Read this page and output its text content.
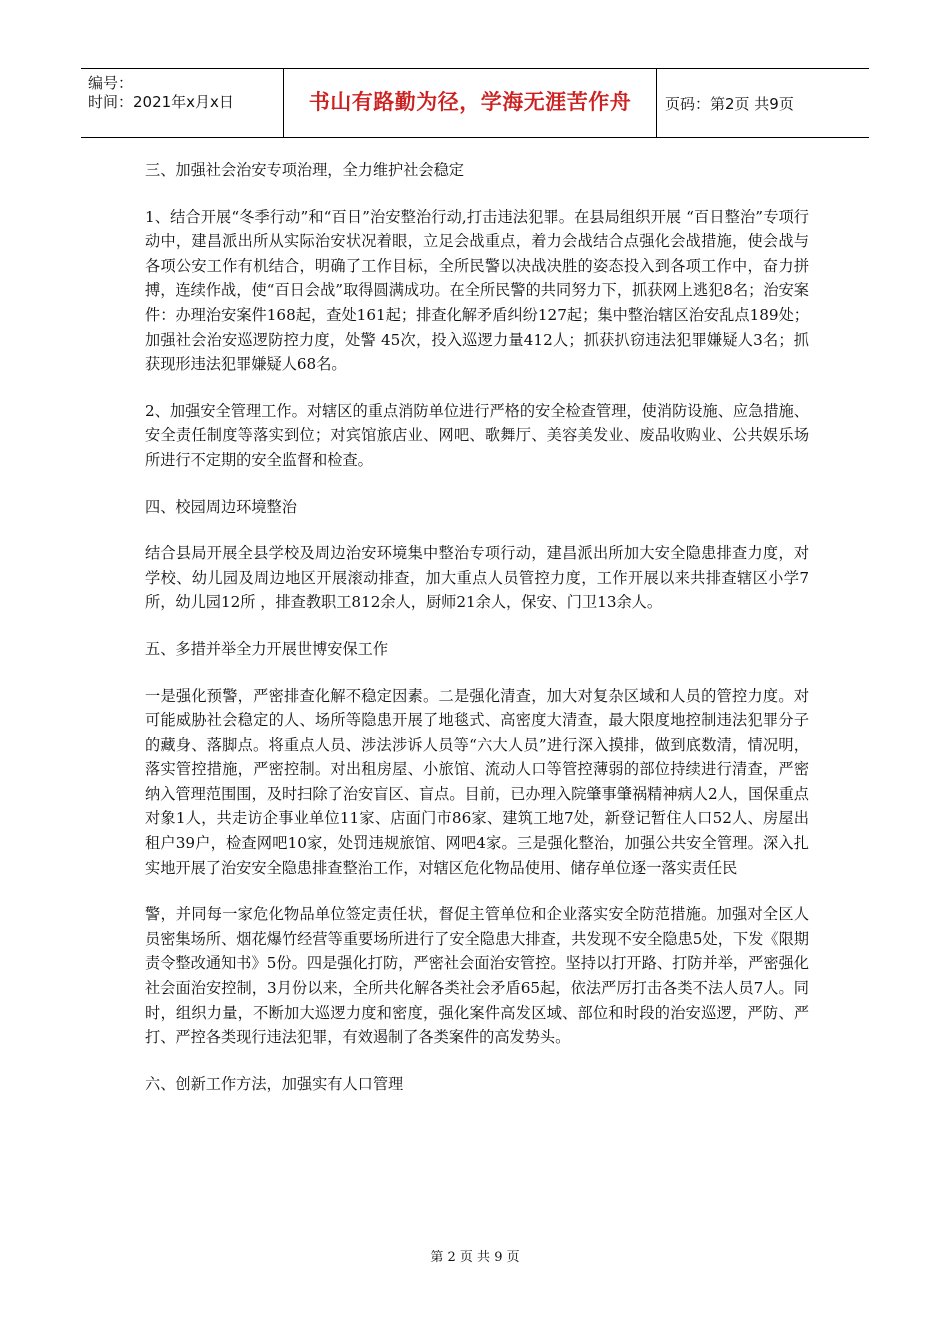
编号：
时间：2021年x月x日	书山有路勤为径，学海无涯苦作舟	页码：第2页 共9页

三、加强社会治安专项治理，全力维护社会稳定

1、结合开展“冬季行动”和“百日”治安整治行动,打击违法犯罪。在县局组织开展 “百日整治”专项行动中，建昌派出所从实际治安状况着眼，立足会战重点，着力会战结合点强化会战措施，使会战与各项公安工作有机结合，明确了工作目标，全所民警以决战决胜的姿态投入到各项工作中，奋力拼搏，连续作战，使“百日会战”取得圆满成功。在全所民警的共同努力下，抓获网上逃犯8名；治安案件：办理治安案件168起，查处161起；排查化解矛盾纠纷127起；集中整治辖区治安乱点189处；加强社会治安巡逻防控力度，处警 45次，投入巡逻力量412人；抓获扒窃违法犯罪嫌疑人3名；抓获现形违法犯罪嫌疑人68名。

2、加强安全管理工作。对辖区的重点消防单位进行严格的安全检查管理，使消防设施、应急措施、安全责任制度等落实到位；对宾馆旅店业、网吧、歌舞厅、美容美发业、废品收购业、公共娱乐场所进行不定期的安全监督和检查。

四、校园周边环境整治

结合县局开展全县学校及周边治安环境集中整治专项行动，建昌派出所加大安全隐患排查力度，对学校、幼儿园及周边地区开展滚动排查，加大重点人员管控力度，工作开展以来共排查辖区小学7所，幼儿园12所 ，排查教职工812余人，厨师21余人，保安、门卫13余人。

五、多措并举全力开展世博安保工作

一是强化预警，严密排查化解不稳定因素。二是强化清查，加大对复杂区域和人员的管控力度。对可能威胁社会稳定的人、场所等隐患开展了地毯式、高密度大清查，最大限度地控制违法犯罪分子的藏身、落脚点。将重点人员、涉法涉诉人员等“六大人员”进行深入摸排，做到底数清，情况明，落实管控措施，严密控制。对出租房屋、小旅馆、流动人口等管控薄弱的部位持续进行清查，严密纳入管理范围围，及时扫除了治安盲区、盲点。目前，已办理入院肇事肇祸精神病人2人，国保重点对象1人，共走访企事业单位11家、店面门市86家、建筑工地7处，新登记暂住人口52人、房屋出租户39户，检查网吧10家，处罚违规旅馆、网吧4家。三是强化整治，加强公共安全管理。深入扎实地开展了治安安全隐患排查整治工作，对辖区危化物品使用、储存单位逐一落实责任民

警，并同每一家危化物品单位签定责任状，督促主管单位和企业落实安全防范措施。加强对全区人员密集场所、烟花爆竹经营等重要场所进行了安全隐患大排查，共发现不安全隐患5处，下发《限期责令整改通知书》5份。四是强化打防，严密社会面治安管控。坚持以打开路、打防并举，严密强化社会面治安控制，3月份以来，全所共化解各类社会矛盾65起，依法严厉打击各类不法人员7人。同时，组织力量，不断加大巡逻力度和密度，强化案件高发区域、部位和时段的治安巡逻，严防、严打、严控各类现行违法犯罪，有效遏制了各类案件的高发势头。

六、创新工作方法，加强实有人口管理

第 2 页 共 9 页
